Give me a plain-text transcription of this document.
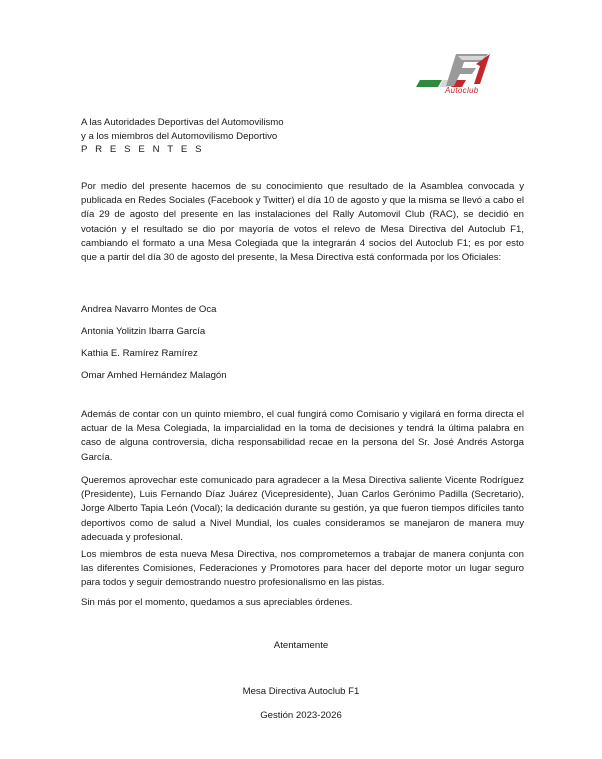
Autoclub
A las Autoridades Deportivas del Automovilismo
y a los miembros del Automovilismo Deportivo
P R E S E N T E S

Por medio del presente hacemos de su conocimiento que resultado de la Asamblea convocada y publicada en Redes Sociales (Facebook y Twitter) el día 10 de agosto y que la misma se llevó a cabo el día 29 de agosto del presente en las instalaciones del Rally Automovil Club (RAC), se decidió en votación y el resultado se dio por mayoría de votos el relevo de Mesa Directiva del Autoclub F1, cambiando el formato a una Mesa Colegiada que la integrarán 4 socios del Autoclub F1; es por esto que a partir del día 30 de agosto del presente, la Mesa Directiva está conformada por los Oficiales:

Andrea Navarro Montes de Oca
Antonia Yolitzin Ibarra García
Kathia E. Ramírez Ramírez
Omar Amhed Hernández Malagón

Además de contar con un quinto miembro, el cual fungirá como Comisario y vigilará en forma directa el actuar de la Mesa Colegiada, la imparcialidad en la toma de decisiones y tendrá la última palabra en caso de alguna controversia, dicha responsabilidad recae en la persona del Sr. José Andrés Astorga García.

Queremos aprovechar este comunicado para agradecer a la Mesa Directiva saliente Vicente Rodríguez (Presidente), Luis Fernando Díaz Juárez (Vicepresidente), Juan Carlos Gerónimo Padilla (Secretario), Jorge Alberto Tapia León (Vocal); la dedicación durante su gestión, ya que fueron tiempos difíciles tanto deportivos como de salud a Nivel Mundial, los cuales consideramos se manejaron de manera muy adecuada y profesional.

Los miembros de esta nueva Mesa Directiva, nos comprometemos a trabajar de manera conjunta con las diferentes Comisiones, Federaciones y Promotores para hacer del deporte motor un lugar seguro para todos y seguir demostrando nuestro profesionalismo en las pistas.

Sin más por el momento, quedamos a sus apreciables órdenes.

Atentamente
Mesa Directiva Autoclub F1
Gestión 2023-2026
